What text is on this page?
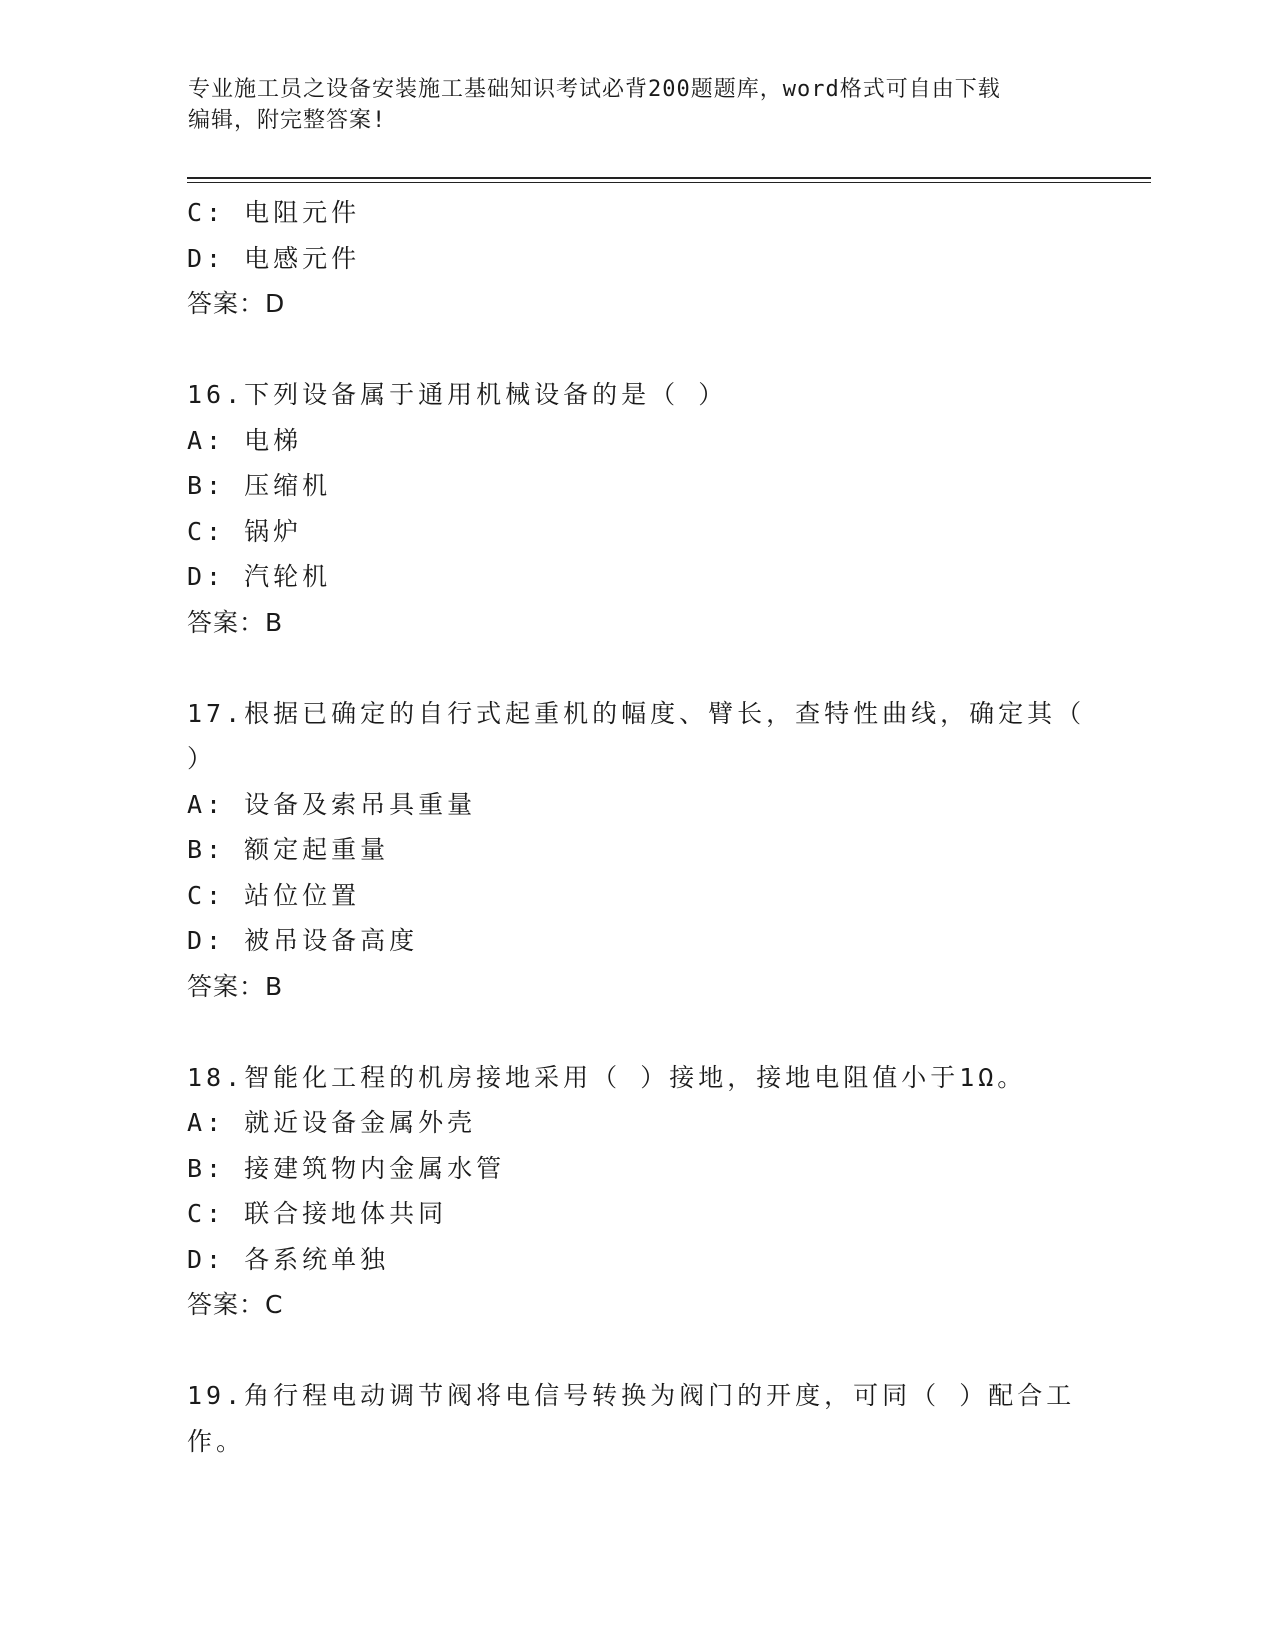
专业施工员之设备安装施工基础知识考试必背200题题库，word格式可自由下载
编辑，附完整答案!
C: 电阻元件
D: 电感元件
答案：D
16.下列设备属于通用机械设备的是（ ）
A: 电梯
B: 压缩机
C: 锅炉
D: 汽轮机
答案：B
17.根据已确定的自行式起重机的幅度、臂长，查特性曲线，确定其（
）
A: 设备及索吊具重量
B: 额定起重量
C: 站位位置
D: 被吊设备高度
答案：B
18.智能化工程的机房接地采用（ ）接地，接地电阻值小于1Ω。
A: 就近设备金属外壳
B: 接建筑物内金属水管
C: 联合接地体共同
D: 各系统单独
答案：C
19.角行程电动调节阀将电信号转换为阀门的开度，可同（ ）配合工
作。
